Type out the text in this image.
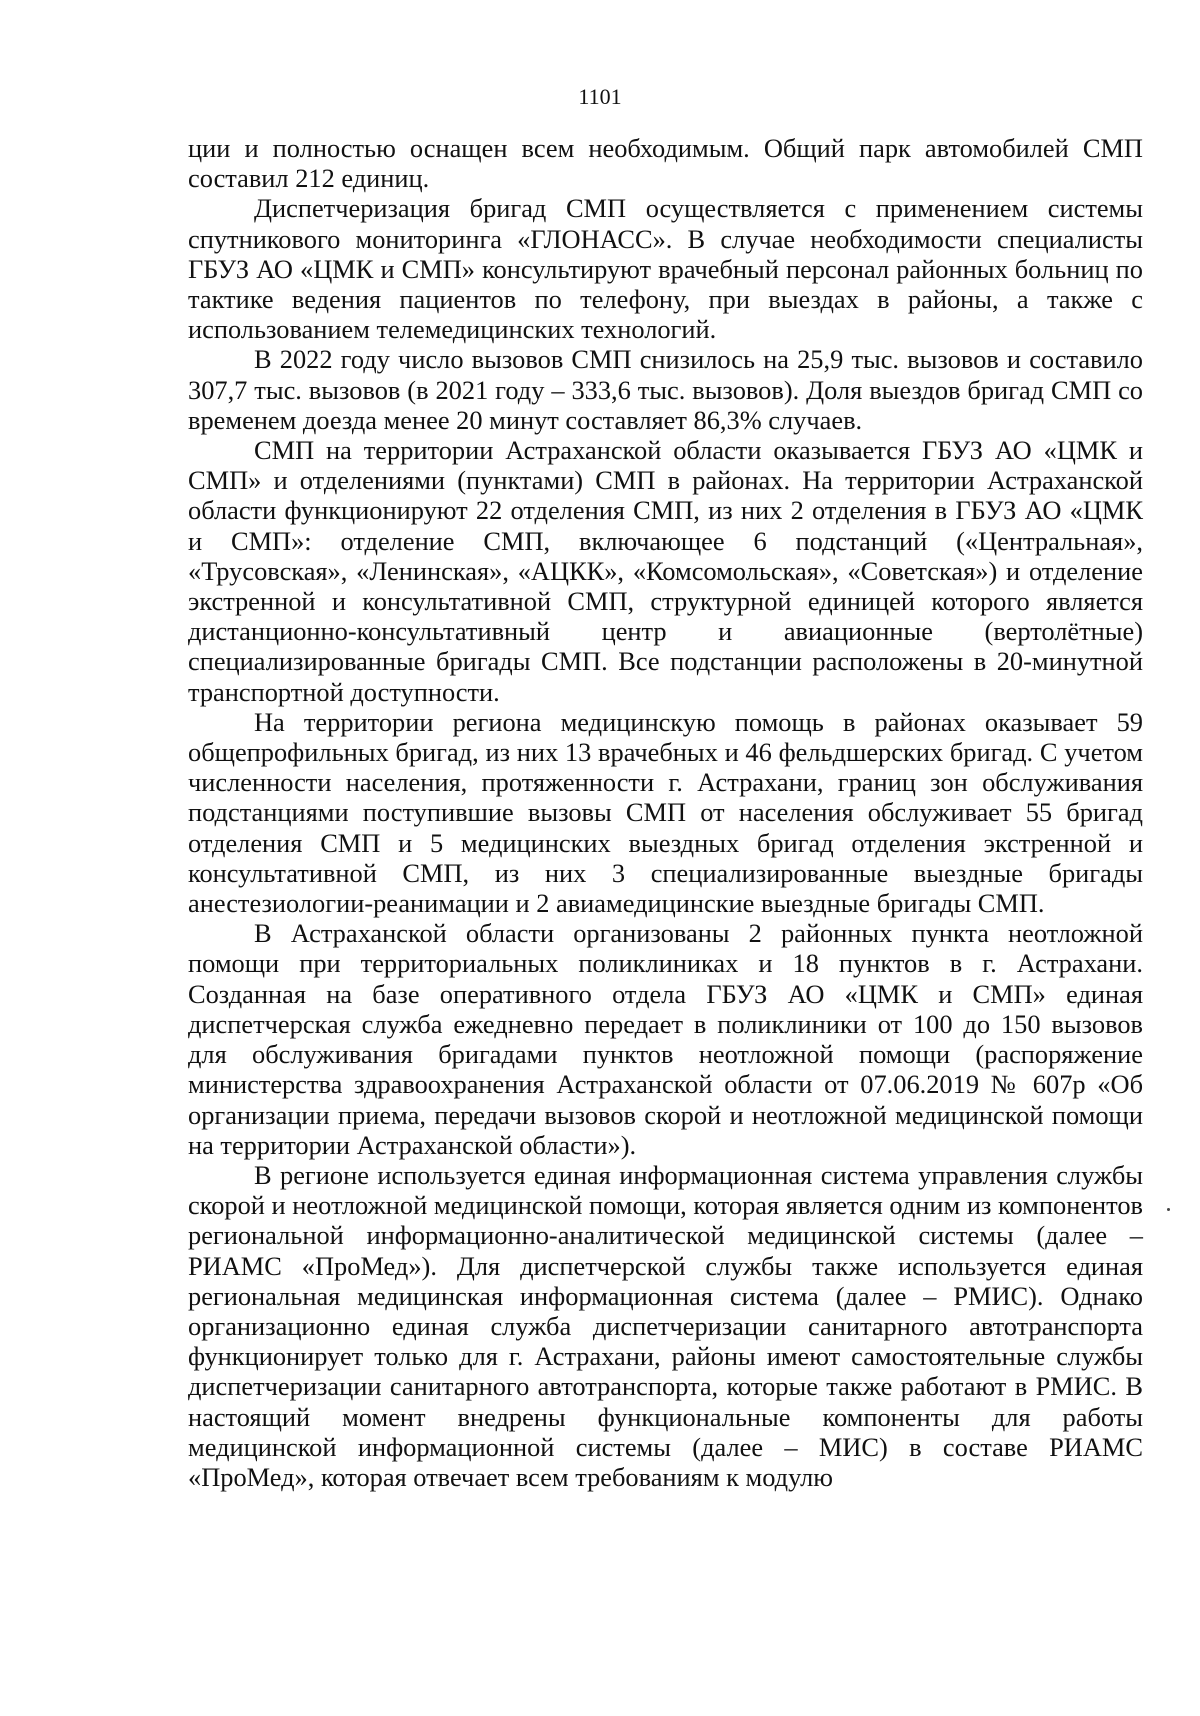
1101

ции и полностью оснащен всем необходимым. Общий парк автомобилей СМП составил 212 единиц.

Диспетчеризация бригад СМП осуществляется с применением системы спутникового мониторинга «ГЛОНАСС». В случае необходимости специалисты ГБУЗ АО «ЦМК и СМП» консультируют врачебный персонал районных больниц по тактике ведения пациентов по телефону, при выездах в районы, а также с использованием телемедицинских технологий.

В 2022 году число вызовов СМП снизилось на 25,9 тыс. вызовов и составило 307,7 тыс. вызовов (в 2021 году – 333,6 тыс. вызовов). Доля выездов бригад СМП со временем доезда менее 20 минут составляет 86,3% случаев.

СМП на территории Астраханской области оказывается ГБУЗ АО «ЦМК и СМП» и отделениями (пунктами) СМП в районах. На территории Астраханской области функционируют 22 отделения СМП, из них 2 отделения в ГБУЗ АО «ЦМК и СМП»: отделение СМП, включающее 6 подстанций («Центральная», «Трусовская», «Ленинская», «АЦКК», «Комсомольская», «Советская») и отделение экстренной и консультативной СМП, структурной единицей которого является дистанционно-консультативный центр и авиационные (вертолётные) специализированные бригады СМП. Все подстанции расположены в 20-минутной транспортной доступности.

На территории региона медицинскую помощь в районах оказывает 59 общепрофильных бригад, из них 13 врачебных и 46 фельдшерских бригад. С учетом численности населения, протяженности г. Астрахани, границ зон обслуживания подстанциями поступившие вызовы СМП от населения обслуживает 55 бригад отделения СМП и 5 медицинских выездных бригад отделения экстренной и консультативной СМП, из них 3 специализированные выездные бригады анестезиологии-реанимации и 2 авиамедицинские выездные бригады СМП.

В Астраханской области организованы 2 районных пункта неотложной помощи при территориальных поликлиниках и 18 пунктов в г. Астрахани. Созданная на базе оперативного отдела ГБУЗ АО «ЦМК и СМП» единая диспетчерская служба ежедневно передает в поликлиники от 100 до 150 вызовов для обслуживания бригадами пунктов неотложной помощи (распоряжение министерства здравоохранения Астраханской области от 07.06.2019 № 607р «Об организации приема, передачи вызовов скорой и неотложной медицинской помощи на территории Астраханской области»).

В регионе используется единая информационная система управления службы скорой и неотложной медицинской помощи, которая является одним из компонентов региональной информационно-аналитической медицинской системы (далее – РИАМС «ПроМед»). Для диспетчерской службы также используется единая региональная медицинская информационная система (далее – РМИС). Однако организационно единая служба диспетчеризации санитарного автотранспорта функционирует только для г. Астрахани, районы имеют самостоятельные службы диспетчеризации санитарного автотранспорта, которые также работают в РМИС. В настоящий момент внедрены функциональные компоненты для работы медицинской информационной системы (далее – МИС) в составе РИАМС «ПроМед», которая отвечает всем требованиям к модулю
